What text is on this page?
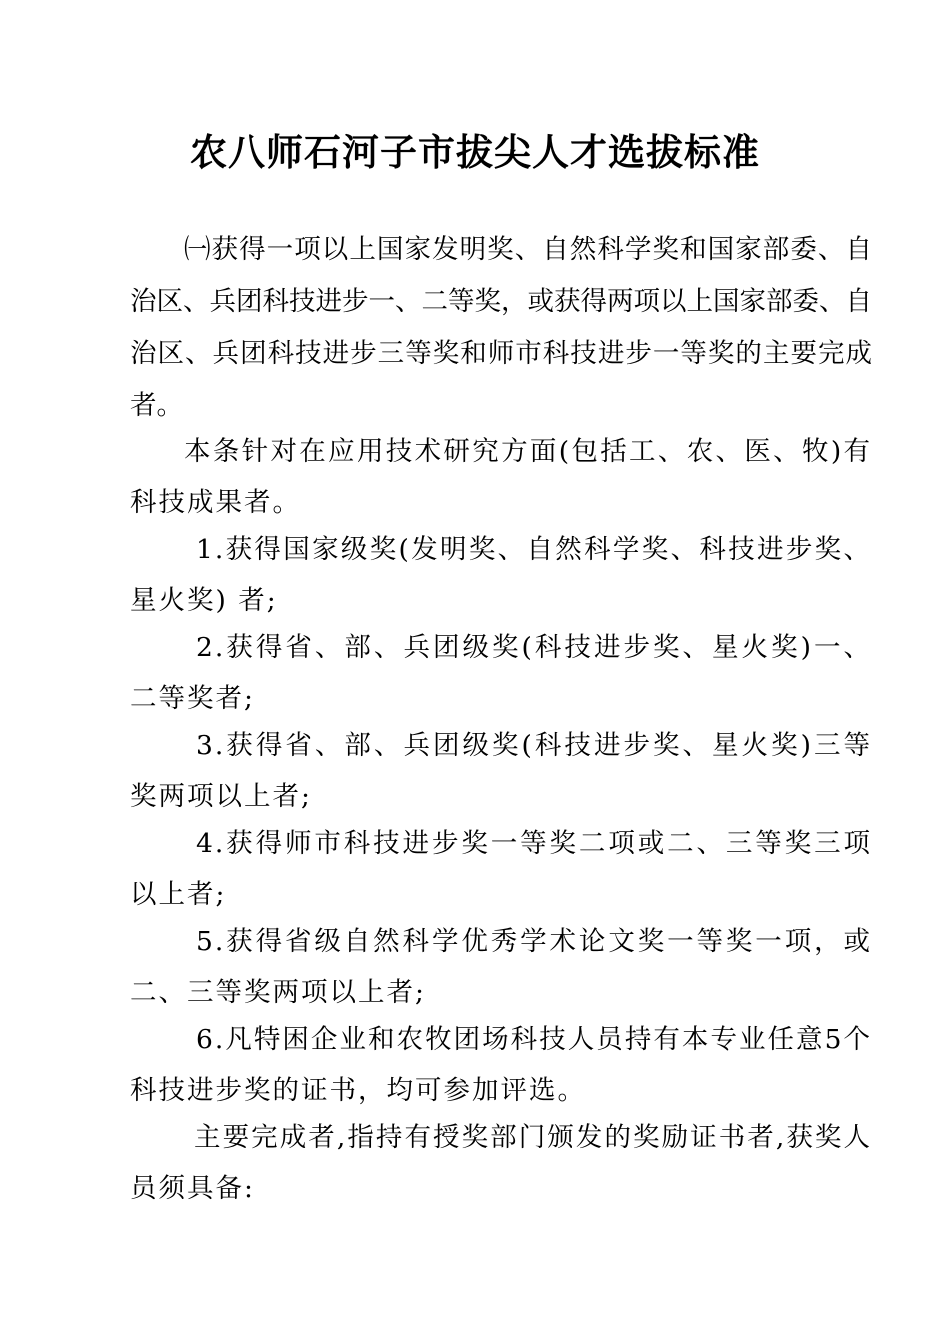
农八师石河子市拔尖人才选拔标准

㈠获得一项以上国家发明奖、自然科学奖和国家部委、自治区、兵团科技进步一、二等奖，或获得两项以上国家部委、自治区、兵团科技进步三等奖和师市科技进步一等奖的主要完成者。

本条针对在应用技术研究方面(包括工、农、医、牧)有科技成果者。

1.获得国家级奖(发明奖、自然科学奖、科技进步奖、星火奖) 者;

2.获得省、部、兵团级奖(科技进步奖、星火奖)一、二等奖者;

3.获得省、部、兵团级奖(科技进步奖、星火奖)三等奖两项以上者;

4.获得师市科技进步奖一等奖二项或二、三等奖三项以上者;

5.获得省级自然科学优秀学术论文奖一等奖一项，或二、三等奖两项以上者;

6.凡特困企业和农牧团场科技人员持有本专业任意5个科技进步奖的证书，均可参加评选。

主要完成者,指持有授奖部门颁发的奖励证书者,获奖人员须具备:
